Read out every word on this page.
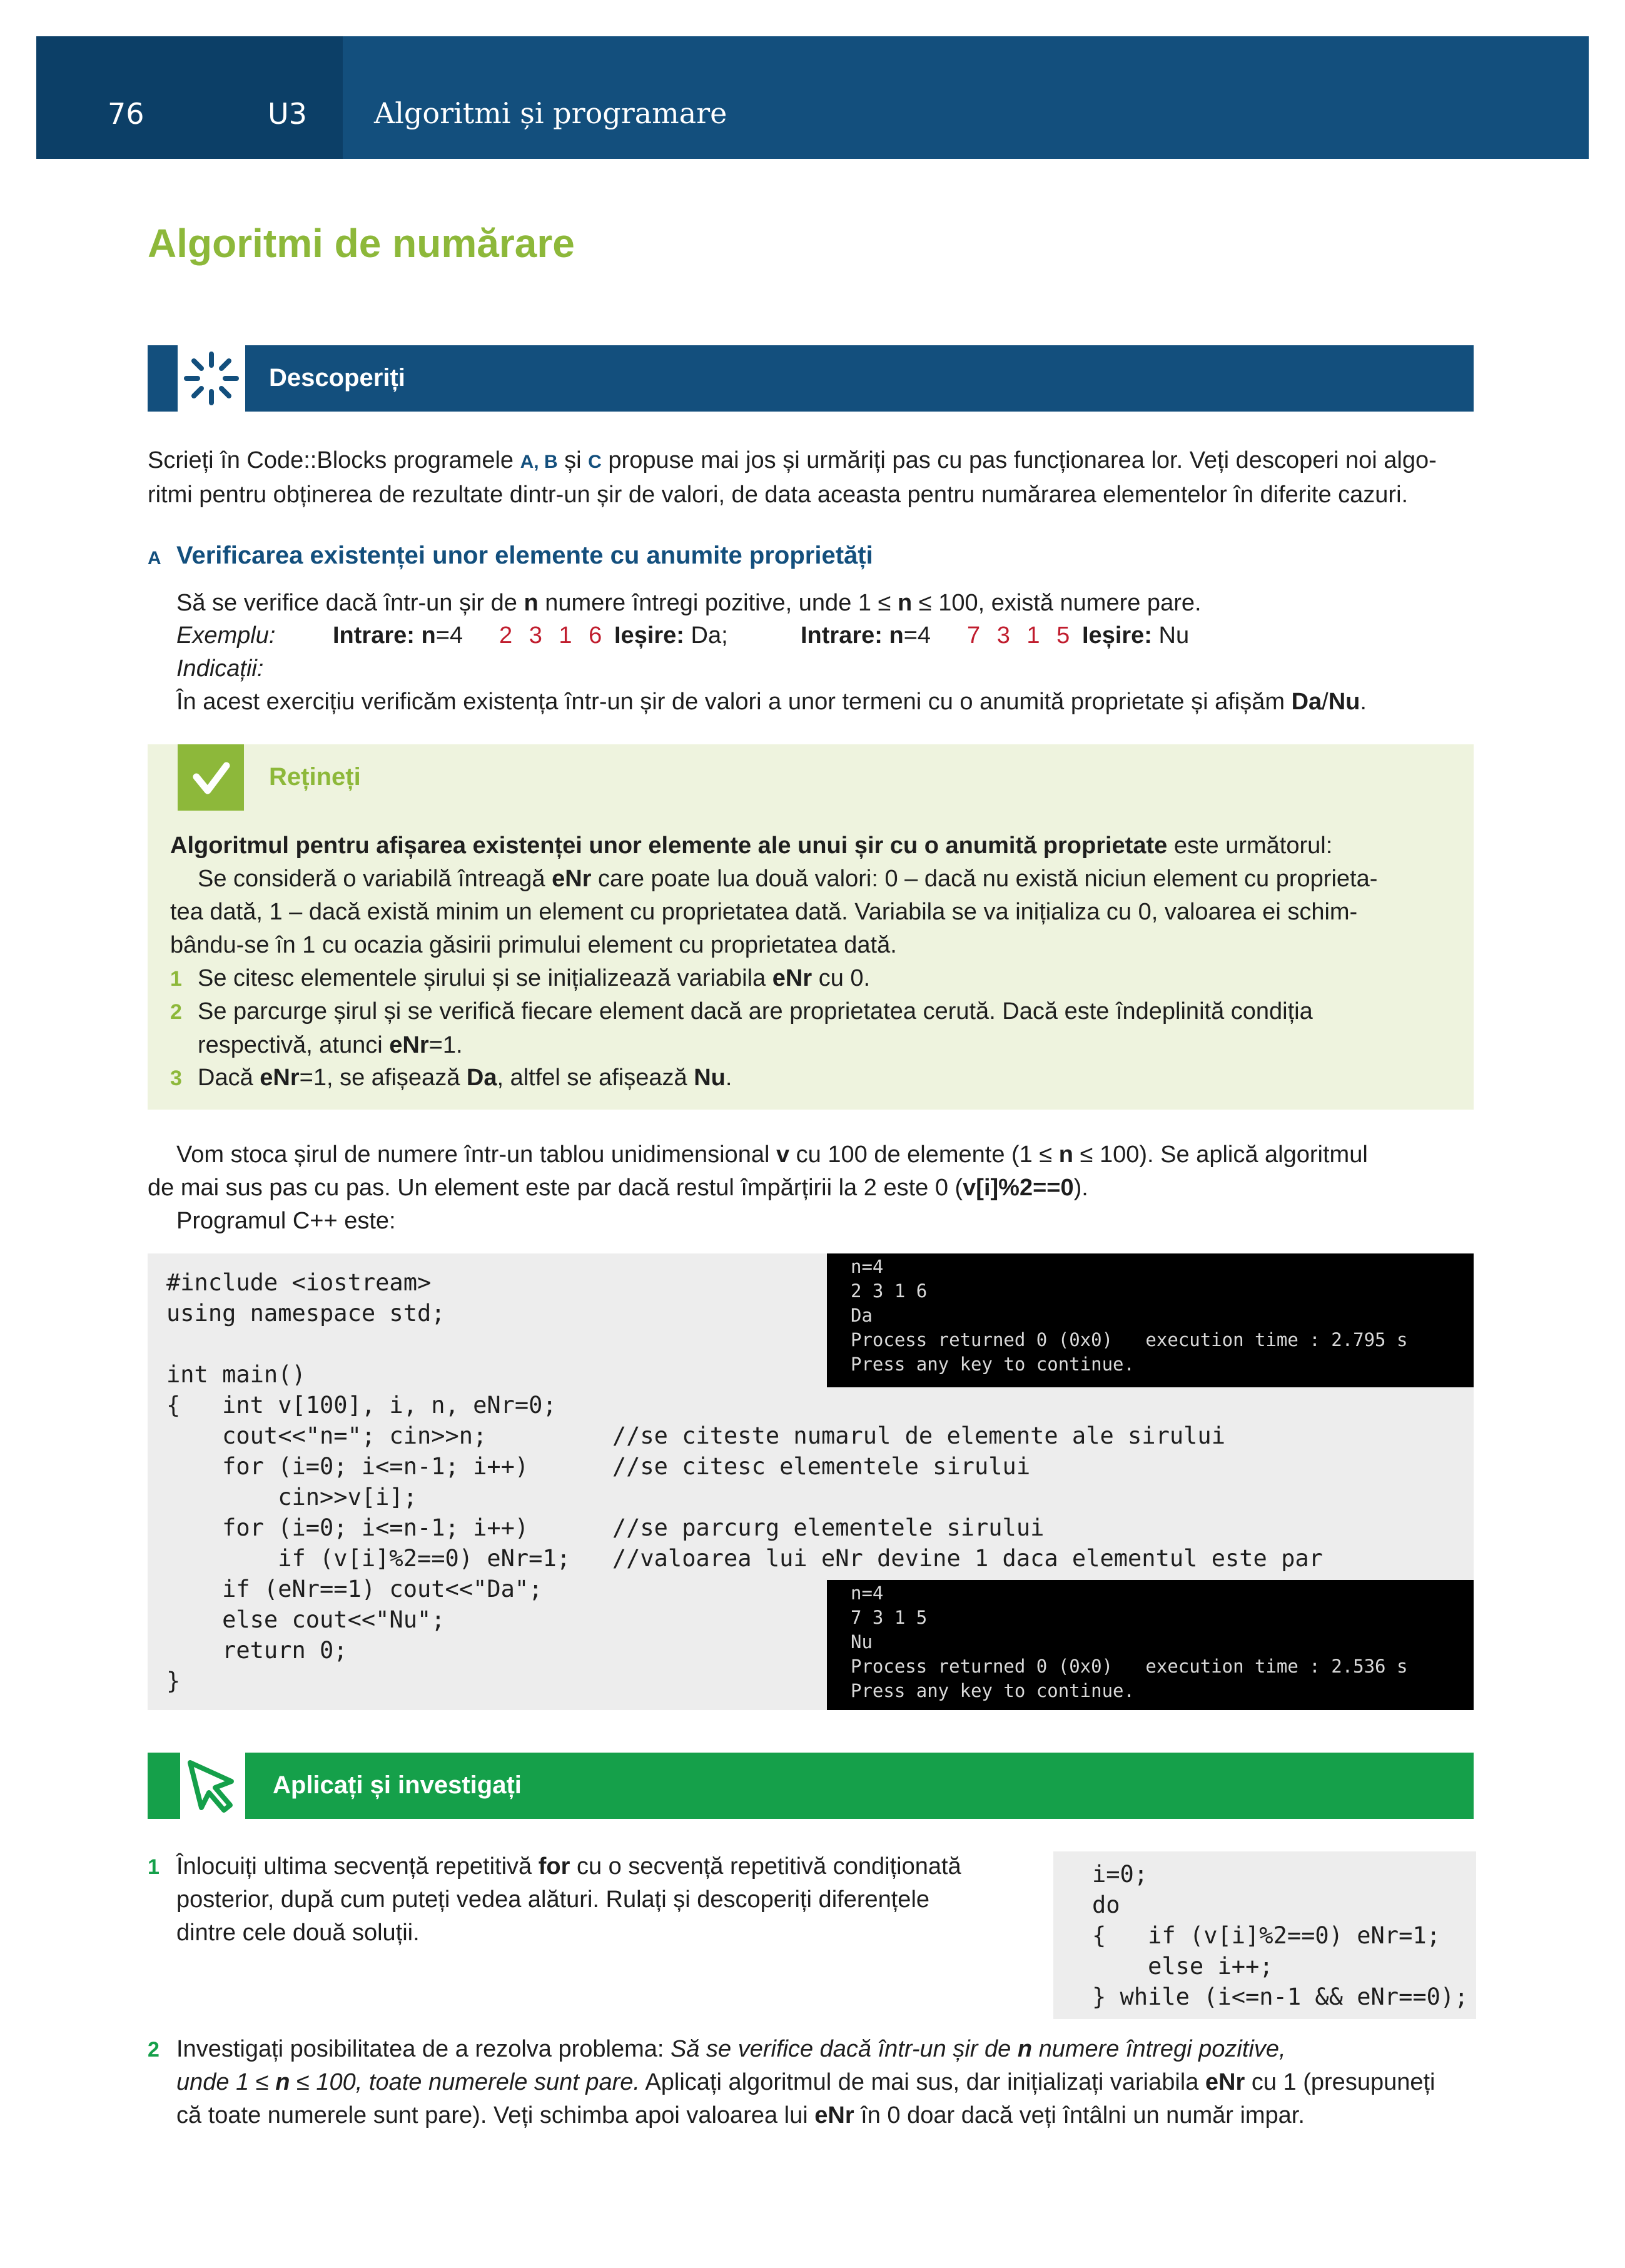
76	U3 Algoritmi și programare
Algoritmi de numărare
Descoperiți
Scrieți în Code::Blocks programele A, B și C propuse mai jos și urmăriți pas cu pas funcționarea lor. Veți descoperi noi algo-
ritmi pentru obținerea de rezultate dintr-un șir de valori, de data aceasta pentru numărarea elementelor în diferite cazuri.
A Verificarea existenței unor elemente cu anumite proprietăți
Să se verifice dacă într-un șir de n numere întregi pozitive, unde 1 ≤ n ≤ 100, există numere pare.
Exemplu: Intrare: n=4 2 3 1 6 Ieșire: Da;	Intrare: n=4 7 3 1 5 Ieșire: Nu
Indicații:
În acest exercițiu verificăm existența într-un șir de valori a unor termeni cu o anumită proprietate și afișăm Da/Nu.
Rețineți
Algoritmul pentru afișarea existenței unor elemente ale unui șir cu o anumită proprietate este următorul:
Se consideră o variabilă întreagă eNr care poate lua două valori: 0 – dacă nu există niciun element cu proprieta-
tea dată, 1 – dacă există minim un element cu proprietatea dată. Variabila se va inițializa cu 0, valoarea ei schim-
bându-se în 1 cu ocazia găsirii primului element cu proprietatea dată.
1 Se citesc elementele șirului și se inițializează variabila eNr cu 0.
2 Se parcurge șirul și se verifică fiecare element dacă are proprietatea cerută. Dacă este îndeplinită condiția
respectivă, atunci eNr=1.
3 Dacă eNr=1, se afișează Da, altfel se afișează Nu.
Vom stoca șirul de numere într-un tablou unidimensional v cu 100 de elemente (1 ≤ n ≤ 100). Se aplică algoritmul
de mai sus pas cu pas. Un element este par dacă restul împărțirii la 2 este 0 (v[i]%2==0).
Programul C++ este:
#include <iostream>
using namespace std;

int main()
{   int v[100], i, n, eNr=0;
cout<<"n="; cin>>n;         //se citeste numarul de elemente ale sirului
for (i=0; i<=n-1; i++)      //se citesc elementele sirului
cin>>v[i];
for (i=0; i<=n-1; i++)      //se parcurg elementele sirului
if (v[i]%2==0) eNr=1;   //valoarea lui eNr devine 1 daca elementul este par
if (eNr==1) cout<<"Da";
else cout<<"Nu";
return 0;
}
n=4
2 3 1 6
Da
Process returned 0 (0x0)   execution time : 2.795 s
Press any key to continue.
n=4
7 3 1 5
Nu
Process returned 0 (0x0)   execution time : 2.536 s
Press any key to continue.
Aplicați și investigați
1 Înlocuiți ultima secvență repetitivă for cu o secvență repetitivă condiționată
posterior, după cum puteți vedea alături. Rulați și descoperiți diferențele
dintre cele două soluții.
i=0;
do
{   if (v[i]%2==0) eNr=1;
else i++;
} while (i<=n-1 && eNr==0);
2 Investigați posibilitatea de a rezolva problema: Să se verifice dacă într-un șir de n numere întregi pozitive,
unde 1 ≤ n ≤ 100, toate numerele sunt pare. Aplicați algoritmul de mai sus, dar inițializați variabila eNr cu 1 (presupuneți
că toate numerele sunt pare). Veți schimba apoi valoarea lui eNr în 0 doar dacă veți întâlni un număr impar.
